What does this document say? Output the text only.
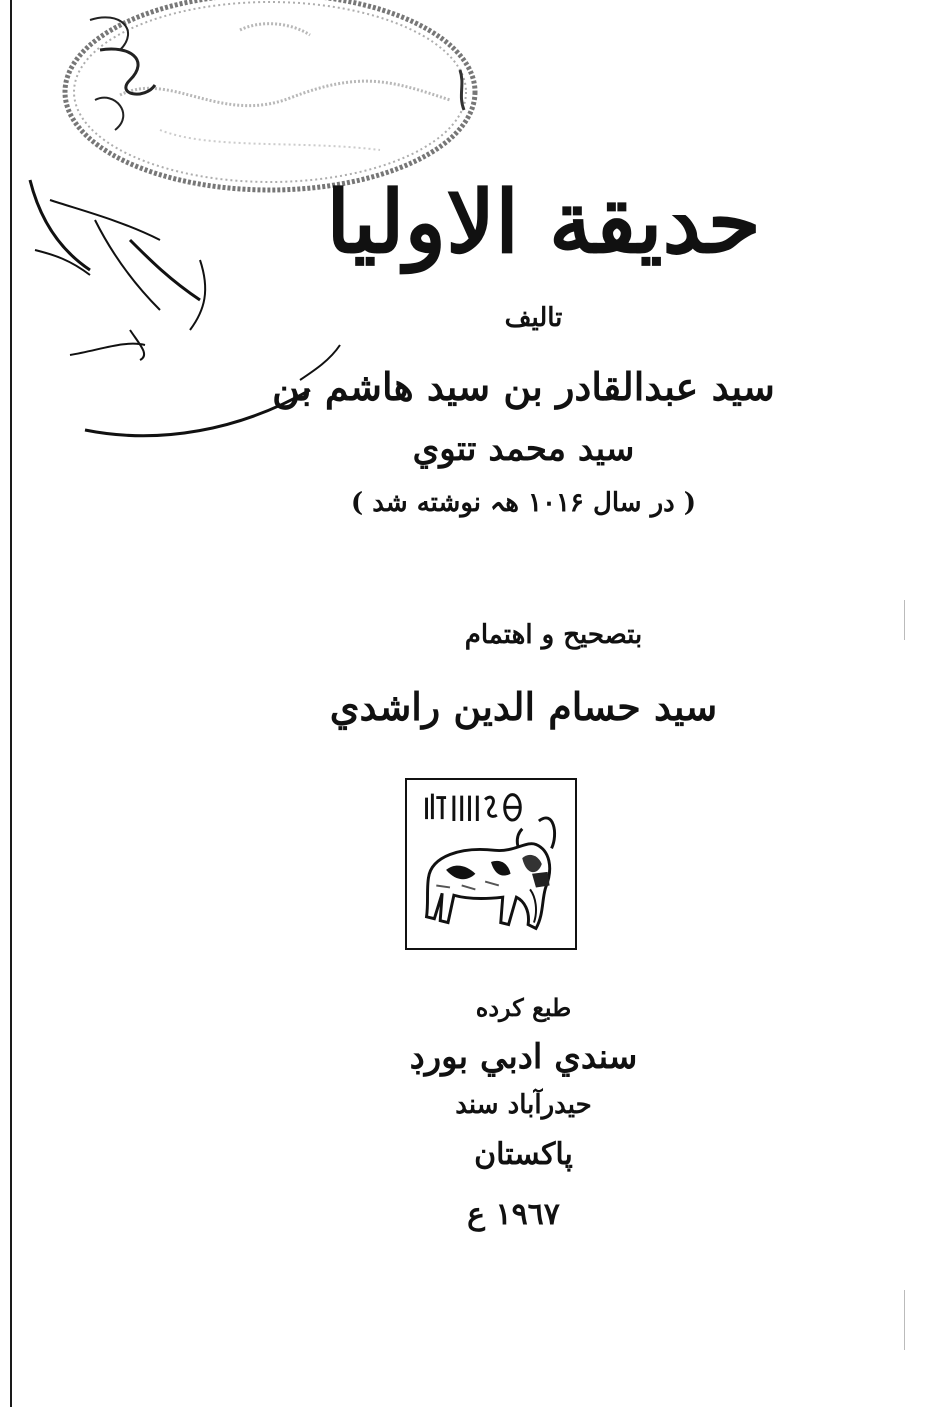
حديقة الاوليا
تاليف
سيد عبدالقادر بن سيد هاشم بن
سيد محمد تتوي
( در سال ۱۰۱۶ هہ نوشته شد )
بتصحيح و اهتمام
سيد حسام الدين راشدي
طبع کرده
سندي ادبي بورڊ
حيدرآباد سند
پاکستان
۱۹٦۷ ع
